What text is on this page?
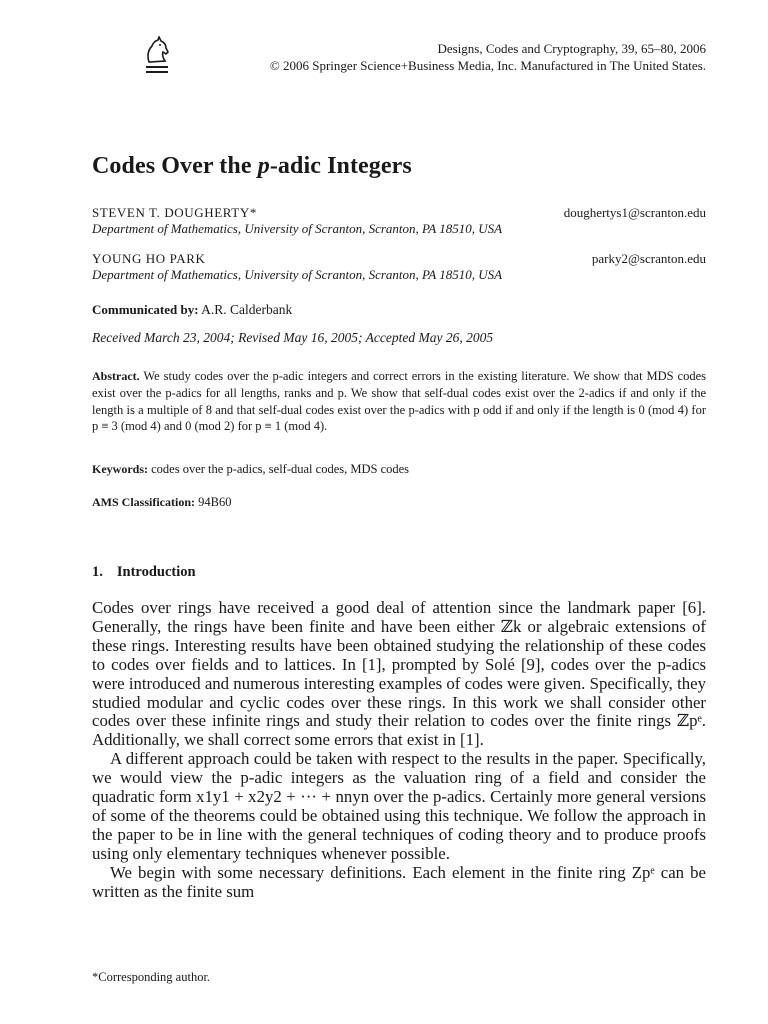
Designs, Codes and Cryptography, 39, 65–80, 2006
© 2006 Springer Science+Business Media, Inc. Manufactured in The United States.
Codes Over the p-adic Integers
STEVEN T. DOUGHERTY*	doughertys1@scranton.edu
Department of Mathematics, University of Scranton, Scranton, PA 18510, USA
YOUNG HO PARK	parky2@scranton.edu
Department of Mathematics, University of Scranton, Scranton, PA 18510, USA
Communicated by: A.R. Calderbank
Received March 23, 2004; Revised May 16, 2005; Accepted May 26, 2005

Abstract. We study codes over the p-adic integers and correct errors in the existing literature. We show that MDS codes exist over the p-adics for all lengths, ranks and p. We show that self-dual codes exist over the 2-adics if and only if the length is a multiple of 8 and that self-dual codes exist over the p-adics with p odd if and only if the length is 0 (mod 4) for p ≡ 3 (mod 4) and 0 (mod 2) for p ≡ 1 (mod 4).

Keywords: codes over the p-adics, self-dual codes, MDS codes
AMS Classification: 94B60
1. Introduction

Codes over rings have received a good deal of attention since the landmark paper [6]. Generally, the rings have been finite and have been either ℤk or algebraic extensions of these rings. Interesting results have been obtained studying the relationship of these codes to codes over fields and to lattices. In [1], prompted by Solé [9], codes over the p-adics were introduced and numerous interesting examples of codes were given. Specifically, they studied modular and cyclic codes over these rings. In this work we shall consider other codes over these infinite rings and study their relation to codes over the finite rings ℤpᵉ. Additionally, we shall correct some errors that exist in [1].

A different approach could be taken with respect to the results in the paper. Specifically, we would view the p-adic integers as the valuation ring of a field and consider the quadratic form x1y1 + x2y2 + ··· + nnyn over the p-adics. Certainly more general versions of some of the theorems could be obtained using this technique. We follow the approach in the paper to be in line with the general techniques of coding theory and to produce proofs using only elementary techniques whenever possible.

We begin with some necessary definitions. Each element in the finite ring Zpᵉ can be written as the finite sum

*Corresponding author.
